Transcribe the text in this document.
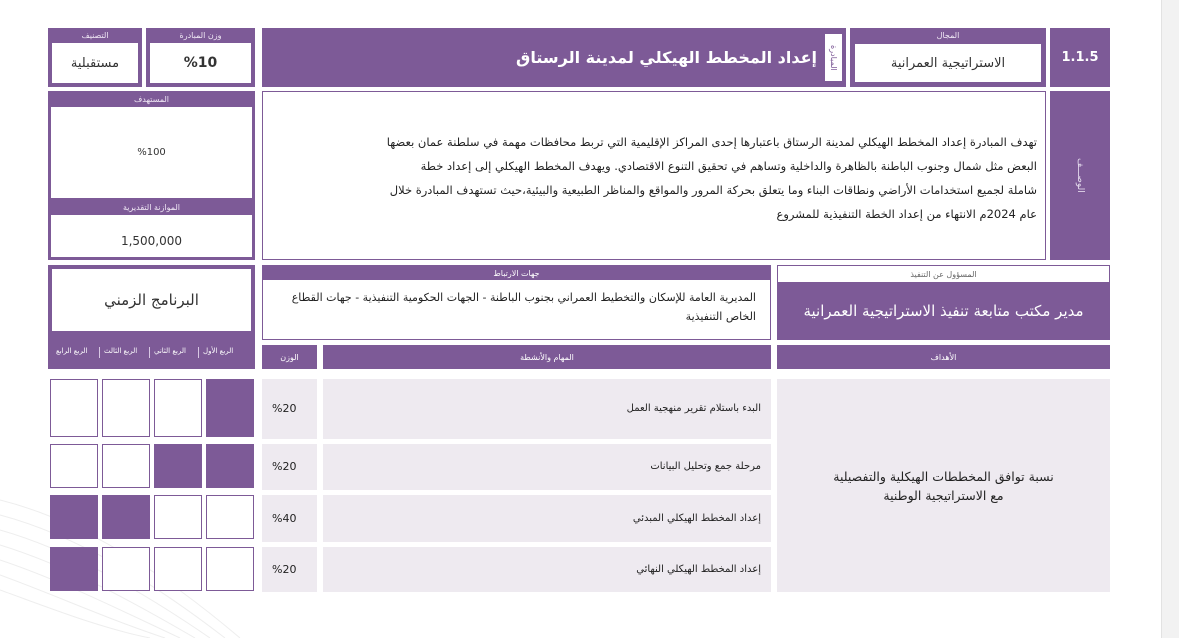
1.1.5
المجال
الاستراتيجية العمرانية
المبادرة
إعداد المخطط الهيكلي لمدينة الرستاق
وزن المبادرة
%10
التصنيف
مستقبلية
الوصـــف
تهدف المبادرة إعداد المخطط الهيكلي لمدينة الرستاق باعتبارها إحدى المراكز الإقليمية التي تربط محافظات مهمة في سلطنة عمان بعضها
البعض مثل شمال وجنوب الباطنة بالظاهرة والداخلية وتساهم في تحقيق التنوع الاقتصادي. ويهدف المخطط الهيكلي إلى إعداد خطة
شاملة لجميع استخدامات الأراضي ونطاقات البناء وما يتعلق بحركة المرور والمواقع والمناظر الطبيعية والبيئية،حيث تستهدف المبادرة خلال
عام 2024م الانتهاء من إعداد الخطة التنفيذية للمشروع
المستهدف
%100
الموازنة التقديرية
1,500,000
المسؤول عن التنفيذ
مدير مكتب متابعة تنفيذ الاستراتيجية العمرانية
جهات الارتباط
المديرية العامة للإسكان والتخطيط العمراني بجنوب الباطنة - الجهات الحكومية التنفيذية - جهات القطاع الخاص التنفيذية
البرنامج الزمني
الربع الأول
الربع الثاني
الربع الثالث
الربع الرابع
الأهداف
المهام والأنشطة
الوزن
نسبة توافق المخططات الهيكلية والتفصيلية مع الاستراتيجية الوطنية
البدء باستلام تقرير منهجية العمل
%20
مرحلة جمع وتحليل البيانات
%20
إعداد المخطط الهيكلي المبدئي
%40
إعداد المخطط الهيكلي النهائي
%20
